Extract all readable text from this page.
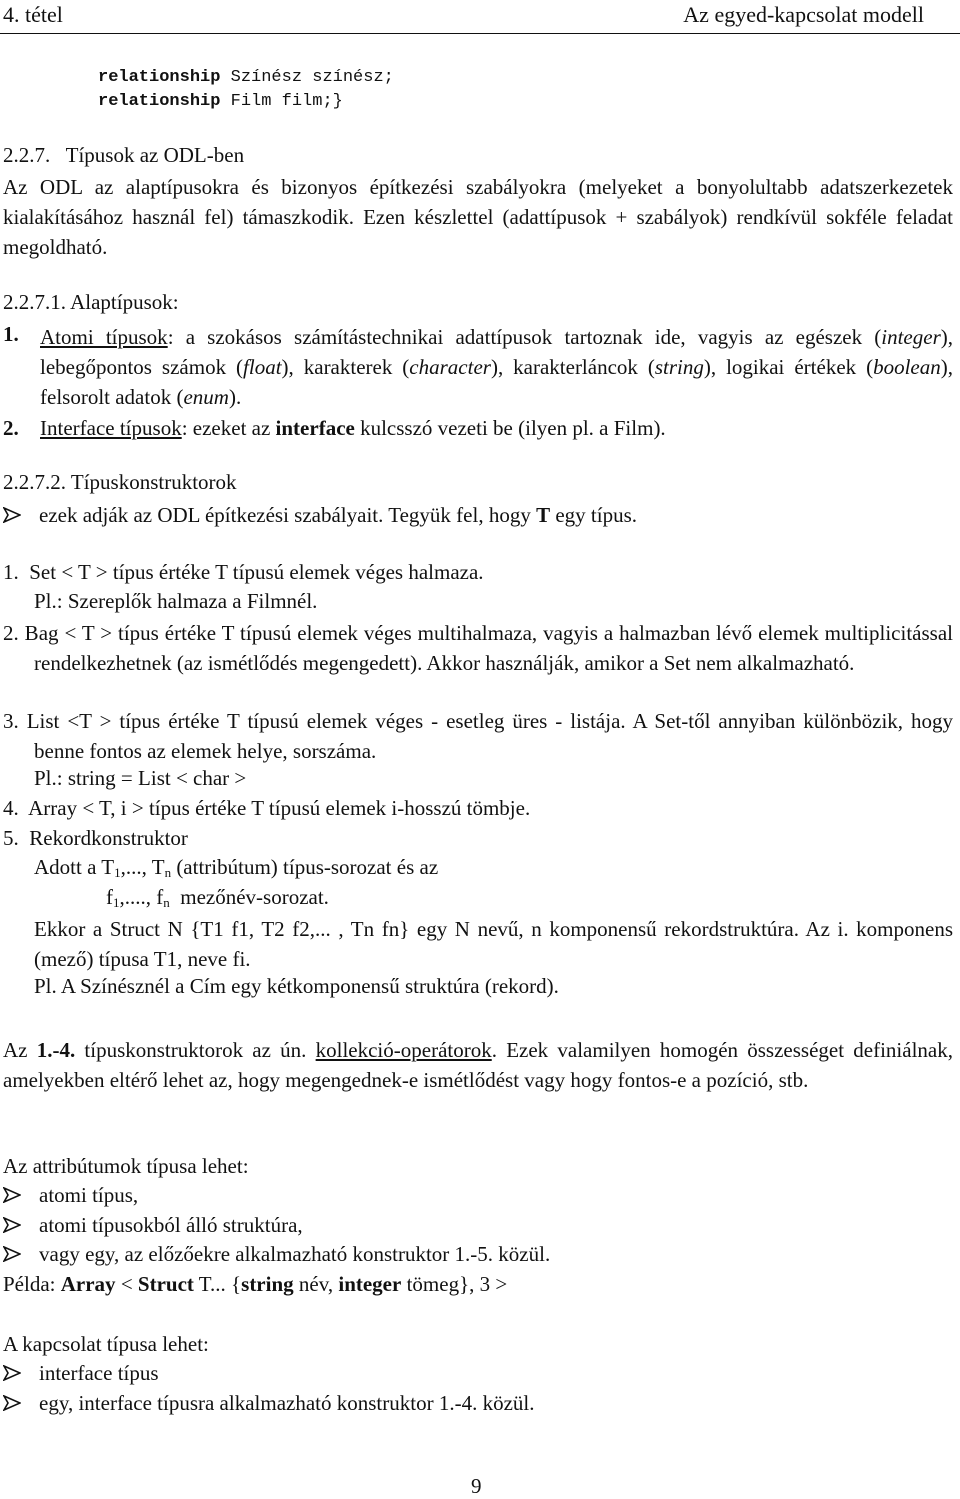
4. tétel	Az egyed-kapcsolat modell
relationship Színész színész;
relationship Film film;}
2.2.7.   Típusok az ODL-ben
Az ODL az alaptípusokra és bizonyos építkezési szabályokra (melyeket a bonyolultabb adatszerkezetek kialakításához használ fel) támaszkodik. Ezen készlettel (adattípusok + szabályok) rendkívül sokféle feladat megoldható.
2.2.7.1. Alaptípusok:
1. Atomi típusok: a szokásos számítástechnikai adattípusok tartoznak ide, vagyis az egészek (integer), lebegőpontos számok (float), karakterek (character), karakterláncok (string), logikai értékek (boolean), felsorolt adatok (enum).
2. Interface típusok: ezeket az interface kulcsszó vezeti be (ilyen pl. a Film).
2.2.7.2. Típuskonstruktorok
ezek adják az ODL építkezési szabályait. Tegyük fel, hogy T egy típus.
1.  Set < T > típus értéke T típusú elemek véges halmaza.
Pl.: Szereplők halmaza a Filmnél.
2. Bag < T > típus értéke T típusú elemek véges multihalmaza, vagyis a halmazban lévő elemek multiplicitással rendelkezhetnek (az ismétlődés megengedett). Akkor használják, amikor a Set nem alkalmazható.
3. List <T > típus értéke T típusú elemek véges - esetleg üres - listája. A Set-től annyiban különbözik, hogy benne fontos az elemek helye, sorszáma.
Pl.: string = List < char >
4.  Array < T, i > típus értéke T típusú elemek i-hosszú tömbje.
5.  Rekordkonstruktor
Adott a $T_1$,..., $T_n$ (attribútum) típus-sorozat és az
$f_1$,...., $f_n$  mezőnév-sorozat.
Ekkor a Struct N {T1 f1, T2 f2,... , Tn fn} egy N nevű, n komponensű rekordstruktúra. Az i. komponens (mező) típusa T1, neve fi.
Pl. A Színésznél a Cím egy kétkomponensű struktúra (rekord).
Az 1.-4. típuskonstruktorok az ún. kollekció-operátorok. Ezek valamilyen homogén összességet definiálnak, amelyekben eltérő lehet az, hogy megengednek-e ismétlődést vagy hogy fontos-e a pozíció, stb.
Az attribútumok típusa lehet:
atomi típus,
atomi típusokból álló struktúra,
vagy egy, az előzőekre alkalmazható konstruktor 1.-5. közül.
Példa: Array < Struct T... {string név, integer tömeg}, 3 >
A kapcsolat típusa lehet:
interface típus
egy, interface típusra alkalmazható konstruktor 1.-4. közül.
9
